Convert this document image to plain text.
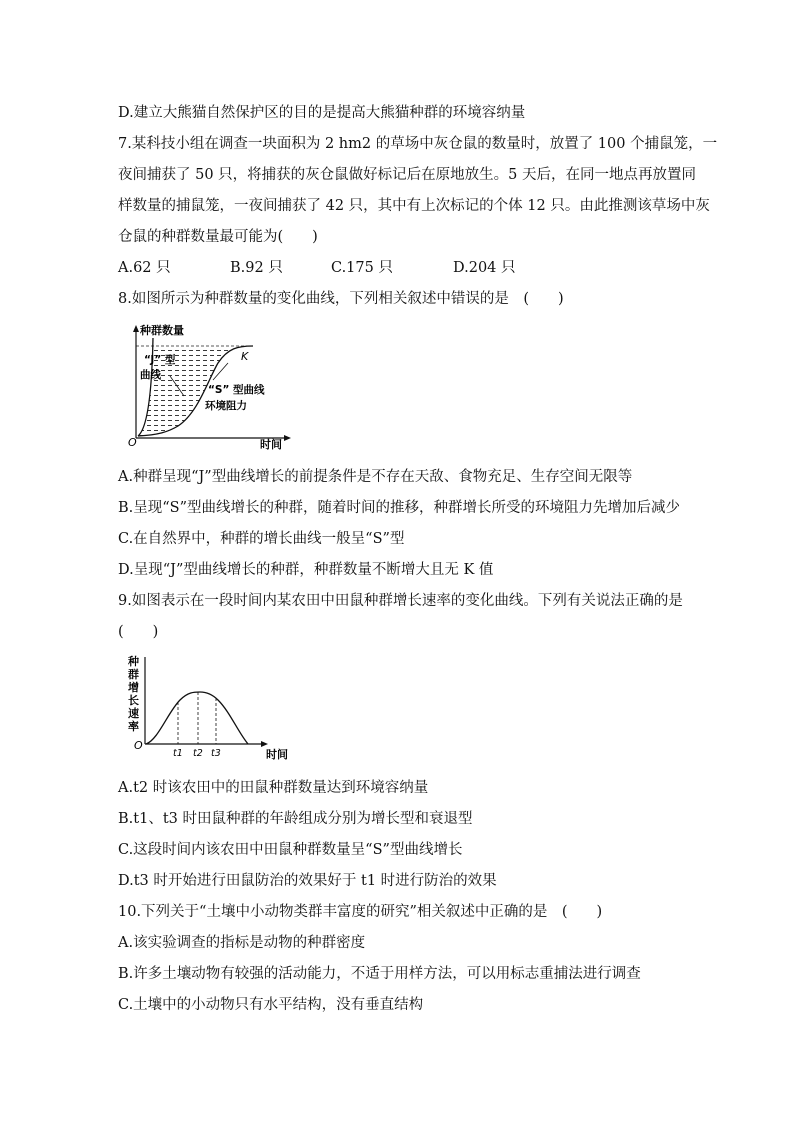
D.建立大熊猫自然保护区的目的是提高大熊猫种群的环境容纳量
7.某科技小组在调查一块面积为 2 hm2 的草场中灰仓鼠的数量时，放置了 100 个捕鼠笼，一
夜间捕获了 50 只，将捕获的灰仓鼠做好标记后在原地放生。5 天后，在同一地点再放置同
样数量的捕鼠笼，一夜间捕获了 42 只，其中有上次标记的个体 12 只。由此推测该草场中灰
仓鼠的种群数量最可能为(　　)
A.62 只	B.92 只	C.175 只	D.204 只
8.如图所示为种群数量的变化曲线，下列相关叙述中错误的是　(　　)
种群数量
“J” 型
曲线
“S” 型曲线
环境阻力
K
O	时间
A.种群呈现“J”型曲线增长的前提条件是不存在天敌、食物充足、生存空间无限等
B.呈现“S”型曲线增长的种群，随着时间的推移，种群增长所受的环境阻力先增加后减少
C.在自然界中，种群的增长曲线一般呈“S”型
D.呈现“J”型曲线增长的种群，种群数量不断增大且无 K 值
9.如图表示在一段时间内某农田中田鼠种群增长速率的变化曲线。下列有关说法正确的是
(　　)
种
群
增
长
速
率
t1 t2 t3
O
时间
A.t2 时该农田中的田鼠种群数量达到环境容纳量
B.t1、t3 时田鼠种群的年龄组成分别为增长型和衰退型
C.这段时间内该农田中田鼠种群数量呈“S”型曲线增长
D.t3 时开始进行田鼠防治的效果好于 t1 时进行防治的效果
10.下列关于“土壤中小动物类群丰富度的研究”相关叙述中正确的是　(　　)
A.该实验调查的指标是动物的种群密度
B.许多土壤动物有较强的活动能力，不适于用样方法，可以用标志重捕法进行调查
C.土壤中的小动物只有水平结构，没有垂直结构
